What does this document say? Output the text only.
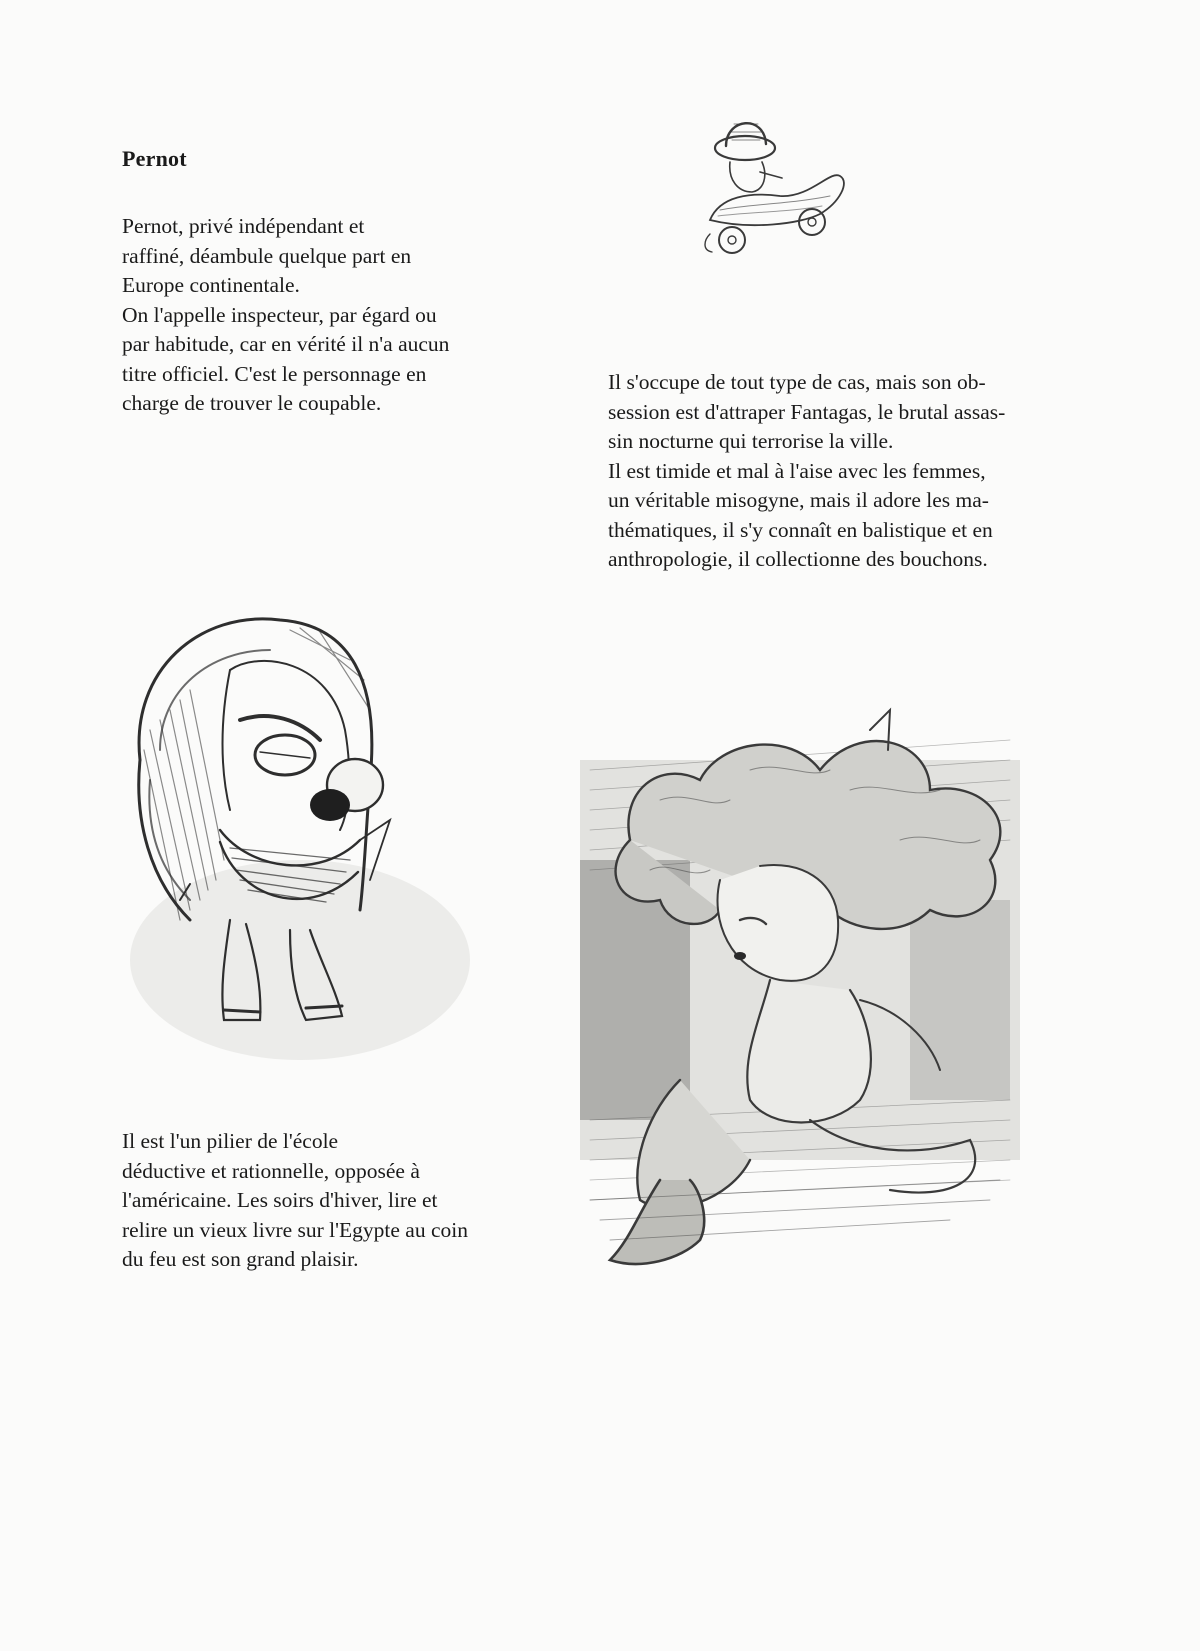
Pernot

Pernot, privé indépendant et
raffiné, déambule quelque part en
Europe continentale.
On l'appelle inspecteur, par égard ou
par habitude, car en vérité il n'a aucun
titre officiel. C'est le personnage en
charge de trouver le coupable.

Il s'occupe de tout type de cas, mais son ob-
session est d'attraper Fantagas, le brutal assas-
sin nocturne qui terrorise la ville.
Il est timide et mal à l'aise avec les femmes,
un véritable misogyne, mais il adore les ma-
thématiques, il s'y connaît en balistique et en
anthropologie, il collectionne des bouchons.

Il est l'un pilier de l'école
déductive et rationnelle, opposée à
l'américaine. Les soirs d'hiver, lire et
relire un vieux livre sur l'Egypte au coin
du feu est son grand plaisir.
